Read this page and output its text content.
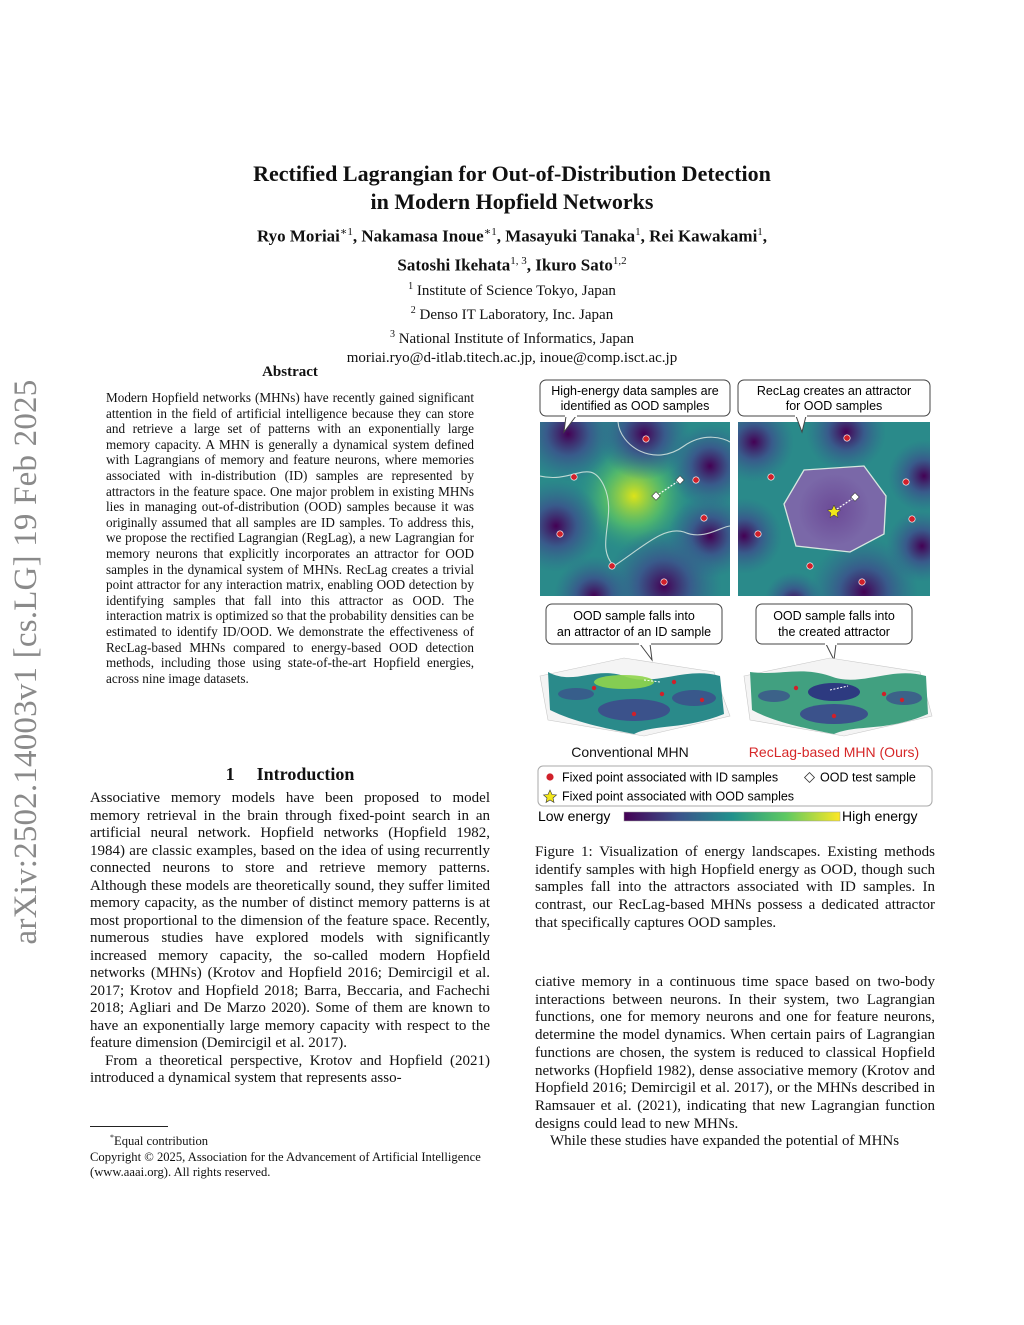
arXiv:2502.14003v1 [cs.LG] 19 Feb 2025
Rectified Lagrangian for Out-of-Distribution Detection
in Modern Hopfield Networks
Ryo Moriai$^{∗1}$, Nakamasa Inoue$^{∗1}$, Masayuki Tanaka$^1$, Rei Kawakami$^1$,
Satoshi Ikehata$^{1, 3}$, Ikuro Sato$^{1,2}$
$^1$ Institute of Science Tokyo, Japan
$^2$ Denso IT Laboratory, Inc. Japan
$^3$ National Institute of Informatics, Japan
moriai.ryo@d-itlab.titech.ac.jp, inoue@comp.isct.ac.jp
Abstract
Modern Hopfield networks (MHNs) have recently gained significant attention in the field of artificial intelligence because they can store and retrieve a large set of patterns with an exponentially large memory capacity. A MHN is generally a dynamical system defined with Lagrangians of memory and feature neurons, where memories associated with in-distribution (ID) samples are represented by attractors in the feature space. One major problem in existing MHNs lies in managing out-of-distribution (OOD) samples because it was originally assumed that all samples are ID samples. To address this, we propose the rectified Lagrangian (RegLag), a new Lagrangian for memory neurons that explicitly incorporates an attractor for OOD samples in the dynamical system of MHNs. RecLag creates a trivial point attractor for any interaction matrix, enabling OOD detection by identifying samples that fall into this attractor as OOD. The interaction matrix is optimized so that the probability densities can be estimated to identify ID/OOD. We demonstrate the effectiveness of RecLag-based MHNs compared to energy-based OOD detection methods, including those using state-of-the-art Hopfield energies, across nine image datasets.
1 Introduction

Associative memory models have been proposed to model memory retrieval in the brain through fixed-point search in an artificial neural network. Hopfield networks (Hopfield 1982, 1984) are classic examples, based on the idea of using recurrently connected neurons to store and retrieve memory patterns. Although these models are theoretically sound, they suffer limited memory capacity, as the number of distinct memory patterns is at most proportional to the dimension of the feature space. Recently, numerous studies have explored models with significantly increased memory capacity, the so-called modern Hopfield networks (MHNs) (Krotov and Hopfield 2016; Demircigil et al. 2017; Krotov and Hopfield 2018; Barra, Beccaria, and Fachechi 2018; Agliari and De Marzo 2020). Some of them are known to have an exponentially large memory capacity with respect to the feature dimension (Demircigil et al. 2017).

From a theoretical perspective, Krotov and Hopfield (2021) introduced a dynamical system that represents asso-

*Equal contribution
Copyright © 2025, Association for the Advancement of Artificial Intelligence (www.aaai.org). All rights reserved.
High-energy data samples are
identified as OOD samples
RecLag creates an attractor
for OOD samples
OOD sample falls into
an attractor of an ID sample
OOD sample falls into
the created attractor
Conventional MHN	RecLag-based MHN (Ours)
Fixed point associated with ID samples	OOD test sample
Fixed point associated with OOD samples
Low energy	High energy
Figure 1: Visualization of energy landscapes. Existing methods identify samples with high Hopfield energy as OOD, though such samples fall into the attractors associated with ID samples. In contrast, our RecLag-based MHNs possess a dedicated attractor that specifically captures OOD samples.

ciative memory in a continuous time space based on two-body interactions between neurons. In their system, two Lagrangian functions, one for memory neurons and one for feature neurons, determine the model dynamics. When certain pairs of Lagrangian functions are chosen, the system is reduced to classical Hopfield networks (Hopfield 1982), dense associative memory (Krotov and Hopfield 2016; Demircigil et al. 2017), or the MHNs described in Ramsauer et al. (2021), indicating that new Lagrangian function designs could lead to new MHNs.

While these studies have expanded the potential of MHNs
